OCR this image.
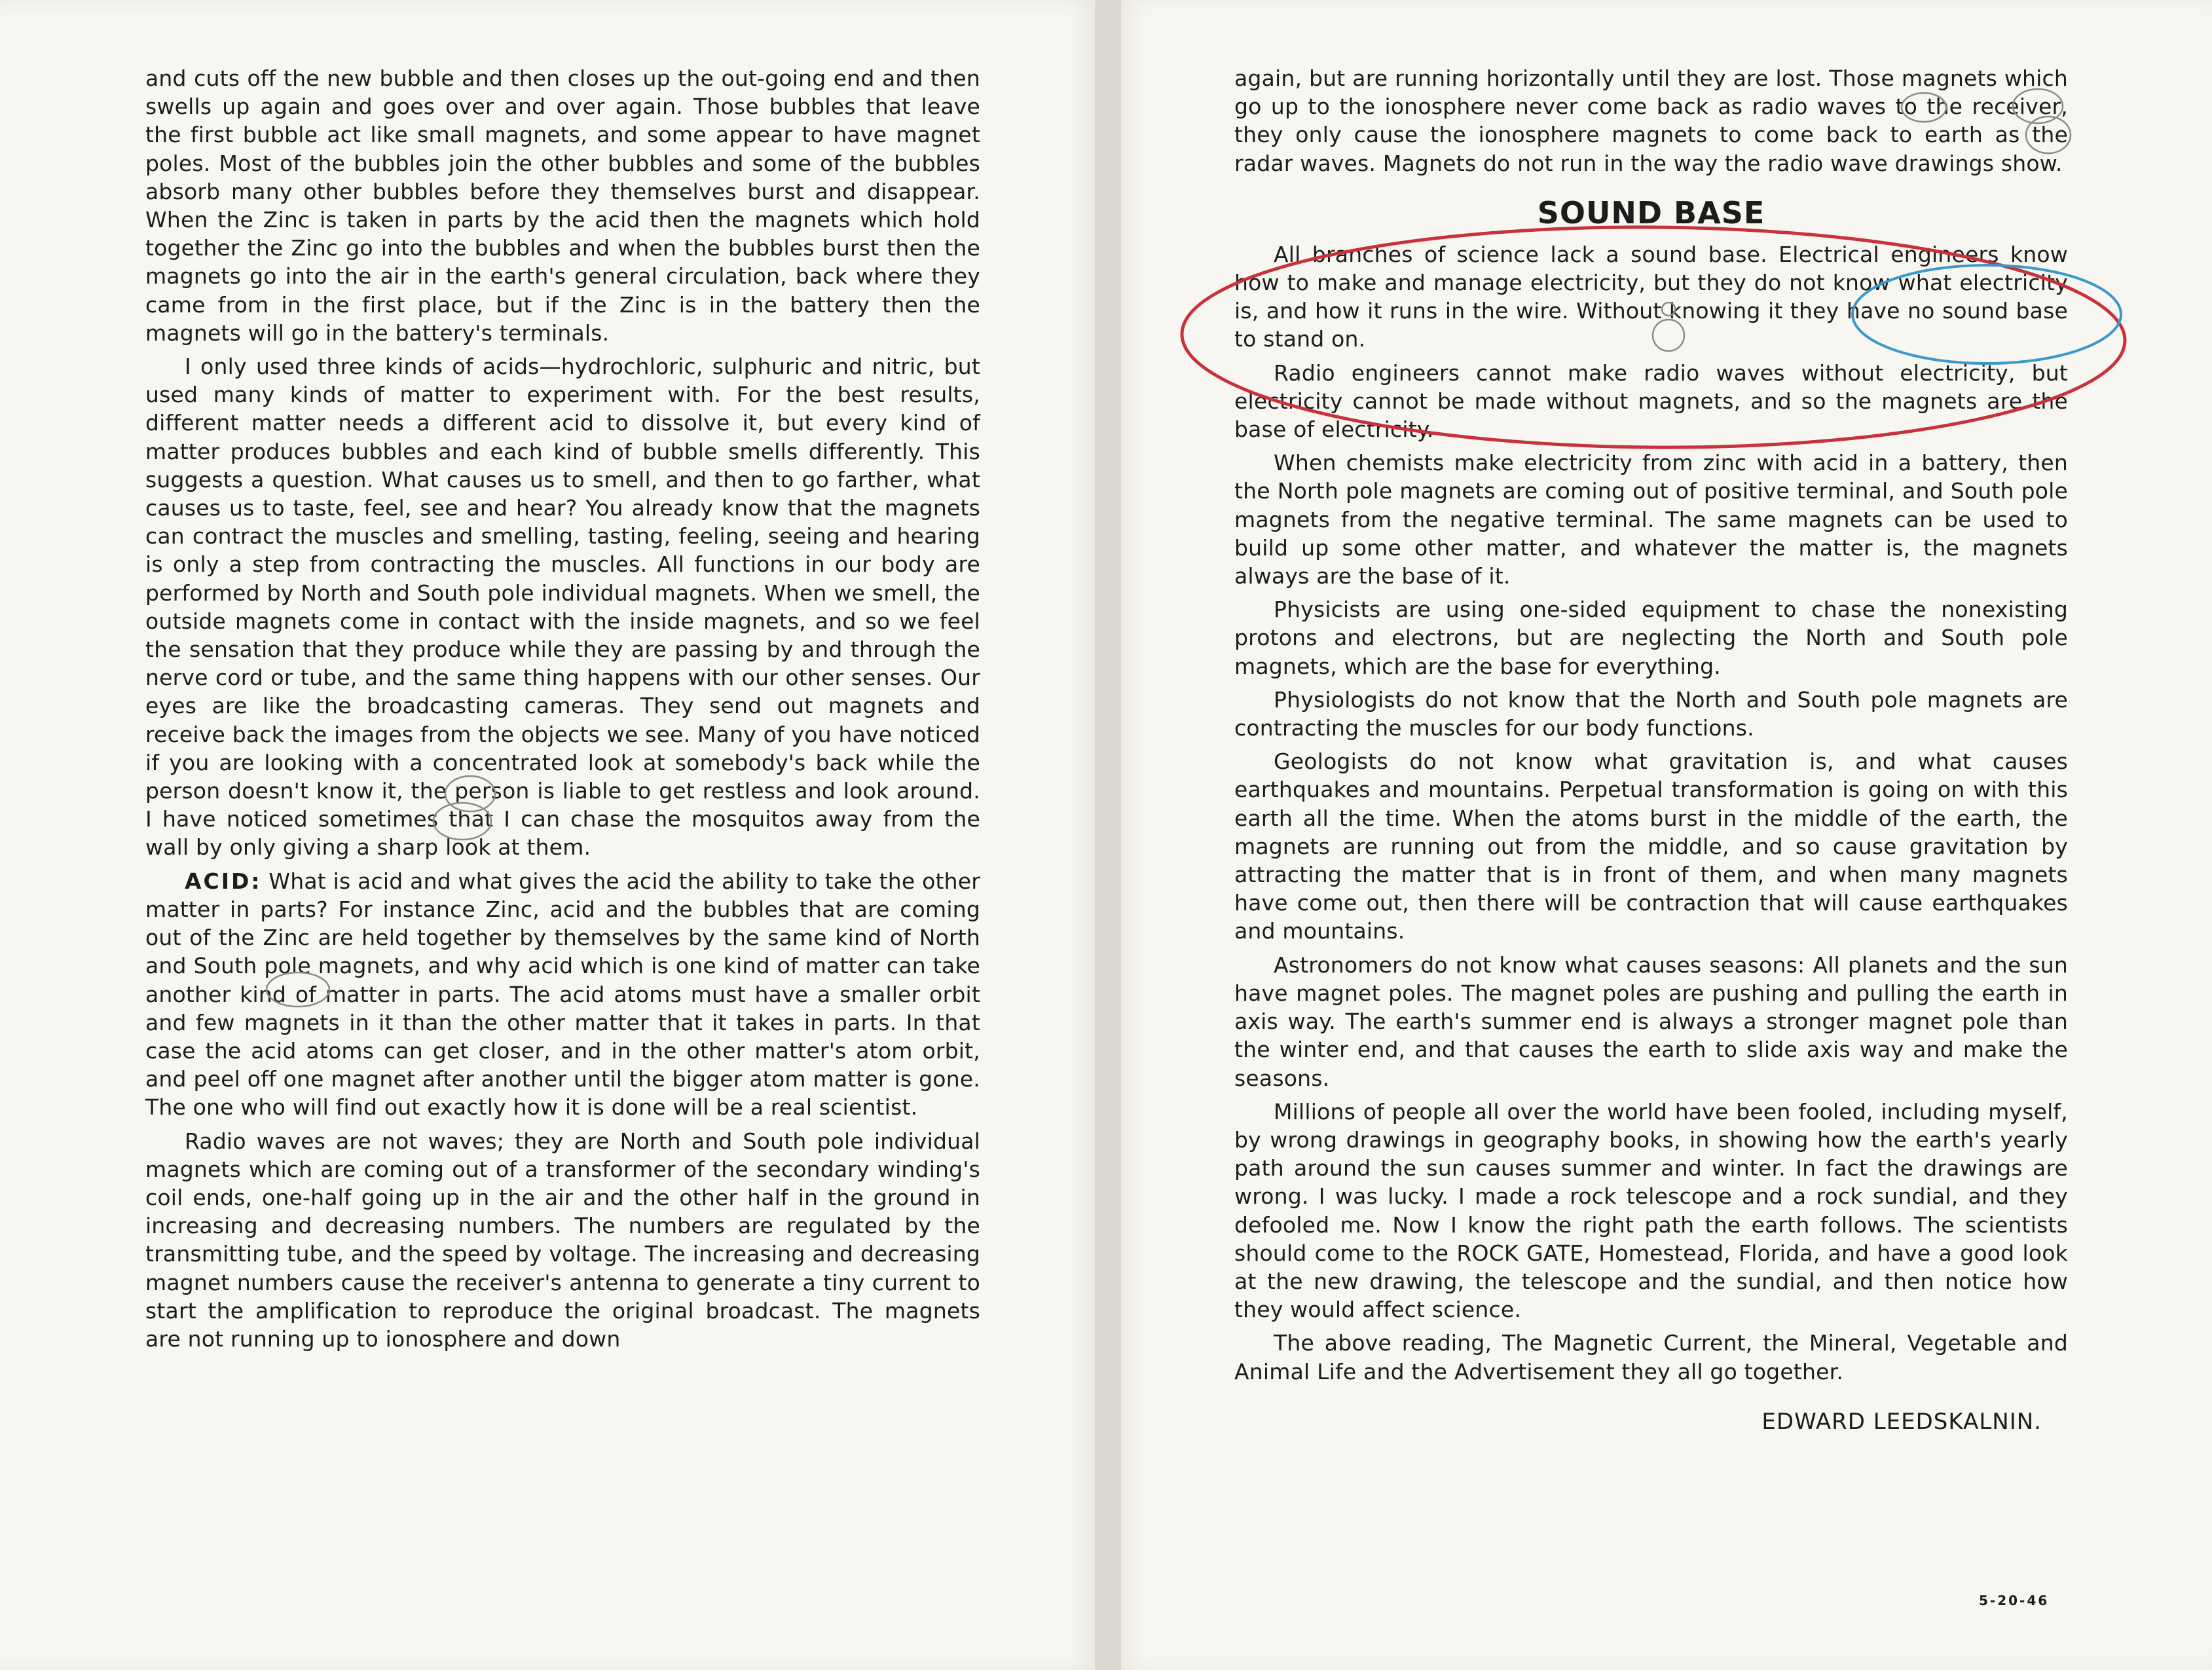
and cuts off the new bubble and then closes up the out-going end and then swells up again and goes over and over again. Those bubbles that leave the first bubble act like small magnets, and some appear to have magnet poles. Most of the bubbles join the other bubbles and some of the bubbles absorb many other bubbles before they themselves burst and disappear. When the Zinc is taken in parts by the acid then the magnets which hold together the Zinc go into the bubbles and when the bubbles burst then the magnets go into the air in the earth's general circulation, back where they came from in the first place, but if the Zinc is in the battery then the magnets will go in the battery's terminals.

I only used three kinds of acids—hydrochloric, sulphuric and nitric, but used many kinds of matter to experiment with. For the best results, different matter needs a different acid to dissolve it, but every kind of matter produces bubbles and each kind of bubble smells differently. This suggests a question. What causes us to smell, and then to go farther, what causes us to taste, feel, see and hear? You already know that the magnets can contract the muscles and smelling, tasting, feeling, seeing and hearing is only a step from contracting the muscles. All functions in our body are performed by North and South pole individual magnets. When we smell, the outside magnets come in contact with the inside magnets, and so we feel the sensation that they produce while they are passing by and through the nerve cord or tube, and the same thing happens with our other senses. Our eyes are like the broadcasting cameras. They send out magnets and receive back the images from the objects we see. Many of you have noticed if you are looking with a concentrated look at somebody's back while the person doesn't know it, the person is liable to get restless and look around. I have noticed sometimes that I can chase the mosquitos away from the wall by only giving a sharp look at them.

ACID: What is acid and what gives the acid the ability to take the other matter in parts? For instance Zinc, acid and the bubbles that are coming out of the Zinc are held together by themselves by the same kind of North and South pole magnets, and why acid which is one kind of matter can take another kind of matter in parts. The acid atoms must have a smaller orbit and few magnets in it than the other matter that it takes in parts. In that case the acid atoms can get closer, and in the other matter's atom orbit, and peel off one magnet after another until the bigger atom matter is gone. The one who will find out exactly how it is done will be a real scientist.

Radio waves are not waves; they are North and South pole individual magnets which are coming out of a transformer of the secondary winding's coil ends, one-half going up in the air and the other half in the ground in increasing and decreasing numbers. The numbers are regulated by the transmitting tube, and the speed by voltage. The increasing and decreasing magnet numbers cause the receiver's antenna to generate a tiny current to start the amplification to reproduce the original broadcast. The magnets are not running up to ionosphere and down

again, but are running horizontally until they are lost. Those magnets which go up to the ionosphere never come back as radio waves to the receiver, they only cause the ionosphere magnets to come back to earth as the radar waves. Magnets do not run in the way the radio wave drawings show.

SOUND BASE

All branches of science lack a sound base. Electrical engineers know how to make and manage electricity, but they do not know what electricity is, and how it runs in the wire. Without knowing it they have no sound base to stand on.

Radio engineers cannot make radio waves without electricity, but electricity cannot be made without magnets, and so the magnets are the base of electricity.

When chemists make electricity from zinc with acid in a battery, then the North pole magnets are coming out of positive terminal, and South pole magnets from the negative terminal. The same magnets can be used to build up some other matter, and whatever the matter is, the magnets always are the base of it.

Physicists are using one-sided equipment to chase the nonexisting protons and electrons, but are neglecting the North and South pole magnets, which are the base for everything.

Physiologists do not know that the North and South pole magnets are contracting the muscles for our body functions.

Geologists do not know what gravitation is, and what causes earthquakes and mountains. Perpetual transformation is going on with this earth all the time. When the atoms burst in the middle of the earth, the magnets are running out from the middle, and so cause gravitation by attracting the matter that is in front of them, and when many magnets have come out, then there will be contraction that will cause earthquakes and mountains.

Astronomers do not know what causes seasons: All planets and the sun have magnet poles. The magnet poles are pushing and pulling the earth in axis way. The earth's summer end is always a stronger magnet pole than the winter end, and that causes the earth to slide axis way and make the seasons.

Millions of people all over the world have been fooled, including myself, by wrong drawings in geography books, in showing how the earth's yearly path around the sun causes summer and winter. In fact the drawings are wrong. I was lucky. I made a rock telescope and a rock sundial, and they defooled me. Now I know the right path the earth follows. The scientists should come to the ROCK GATE, Homestead, Florida, and have a good look at the new drawing, the telescope and the sundial, and then notice how they would affect science.

The above reading, The Magnetic Current, the Mineral, Vegetable and Animal Life and the Advertisement they all go together.

EDWARD LEEDSKALNIN.
5-20-46
